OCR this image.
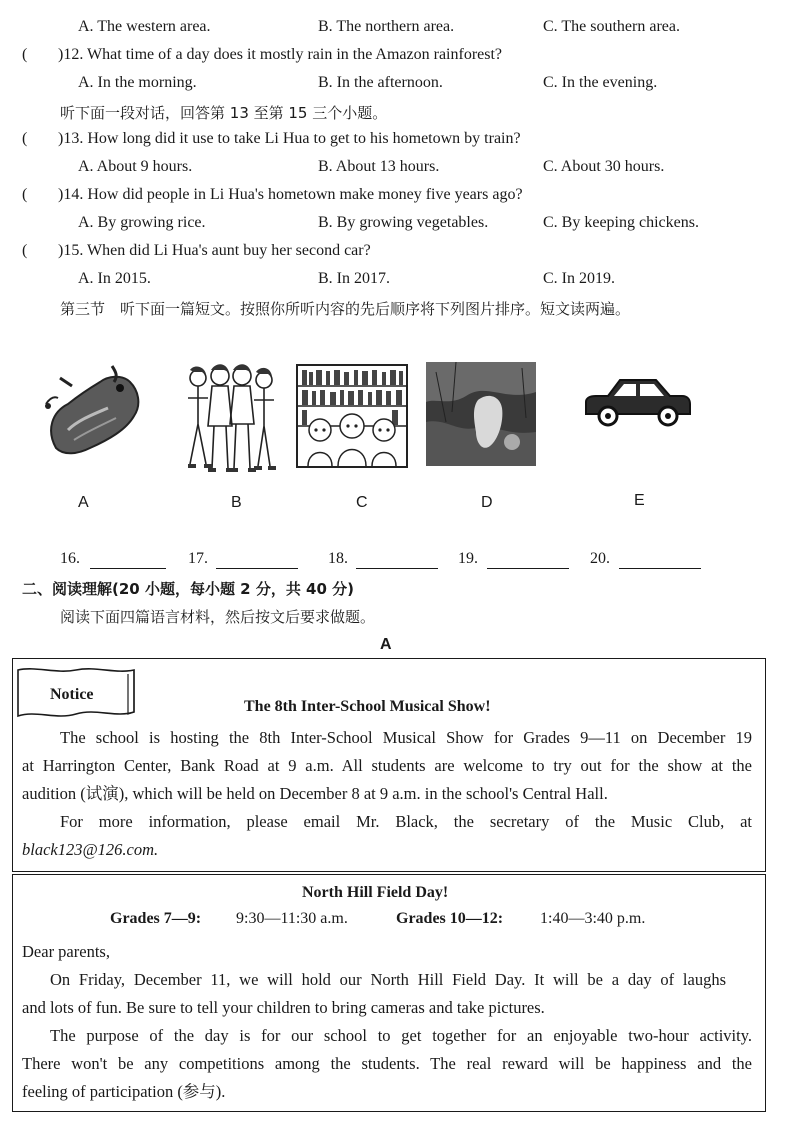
A. The western area.	B. The northern area.	C. The southern area.
( )12. What time of a day does it mostly rain in the Amazon rainforest?
A. In the morning.	B. In the afternoon.	C. In the evening.
听下面一段对话，回答第 13 至第 15 三个小题。
( )13. How long did it use to take Li Hua to get to his hometown by train?
A. About 9 hours.	B. About 13 hours.	C. About 30 hours.
( )14. How did people in Li Hua's hometown make money five years ago?
A. By growing rice.	B. By growing vegetables.	C. By keeping chickens.
( )15. When did Li Hua's aunt buy her second car?
A. In 2015.	B. In 2017.	C. In 2019.
第三节　听下面一篇短文。按照你所听内容的先后顺序将下列图片排序。短文读两遍。
A	B	C	D	E
16.	17.	18.	19.	20.
二、阅读理解(20 小题，每小题 2 分，共 40 分)
阅读下面四篇语言材料，然后按文后要求做题。
A
Notice
The 8th Inter-School Musical Show!
The school is hosting the 8th Inter-School Musical Show for Grades 9—11 on December 19
at Harrington Center, Bank Road at 9 a.m. All students are welcome to try out for the show at the
audition (试演), which will be held on December 8 at 9 a.m. in the school's Central Hall.
For more information, please email Mr. Black, the secretary of the Music Club, at
black123@126.com.
North Hill Field Day!
Grades 7—9: 9:30—11:30 a.m.	Grades 10—12: 1:40—3:40 p.m.
Dear parents,
On Friday, December 11, we will hold our North Hill Field Day. It will be a day of laughs
and lots of fun. Be sure to tell your children to bring cameras and take pictures.
The purpose of the day is for our school to get together for an enjoyable two-hour activity.
There won't be any competitions among the students. The real reward will be happiness and the
feeling of participation (参与).
